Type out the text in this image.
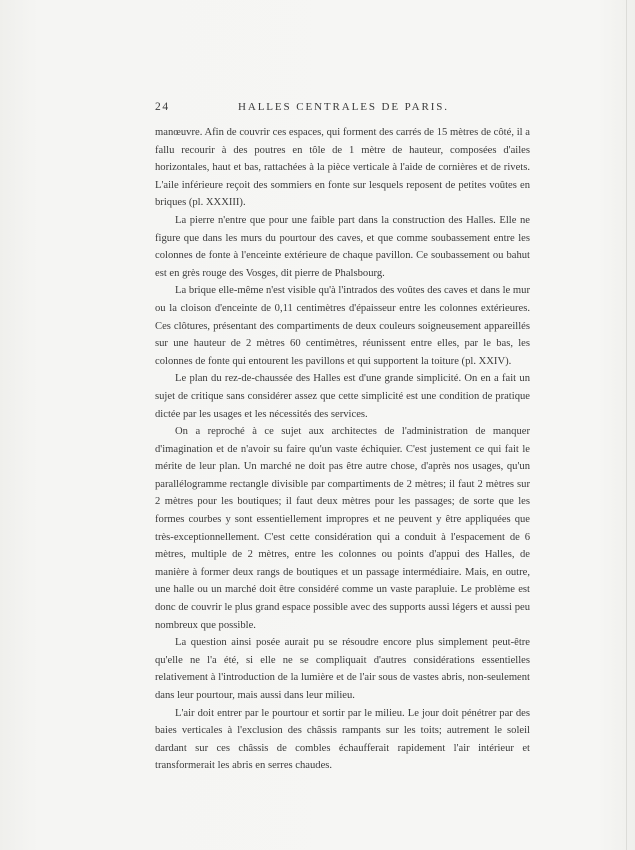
24	HALLES CENTRALES DE PARIS.

manœuvre. Afin de couvrir ces espaces, qui forment des carrés de 15 mètres de côté, il a fallu recourir à des poutres en tôle de 1 mètre de hauteur, composées d'ailes horizontales, haut et bas, rattachées à la pièce verticale à l'aide de cornières et de rivets. L'aile inférieure reçoit des sommiers en fonte sur lesquels reposent de petites voûtes en briques (pl. XXXIII).

La pierre n'entre que pour une faible part dans la construction des Halles. Elle ne figure que dans les murs du pourtour des caves, et que comme soubassement entre les colonnes de fonte à l'enceinte extérieure de chaque pavillon. Ce soubassement ou bahut est en grès rouge des Vosges, dit pierre de Phalsbourg.

La brique elle-même n'est visible qu'à l'intrados des voûtes des caves et dans le mur ou la cloison d'enceinte de 0,11 centimètres d'épaisseur entre les colonnes extérieures. Ces clôtures, présentant des compartiments de deux couleurs soigneusement appareillés sur une hauteur de 2 mètres 60 centimètres, réunissent entre elles, par le bas, les colonnes de fonte qui entourent les pavillons et qui supportent la toiture (pl. XXIV).

Le plan du rez-de-chaussée des Halles est d'une grande simplicité. On en a fait un sujet de critique sans considérer assez que cette simplicité est une condition de pratique dictée par les usages et les nécessités des services.

On a reproché à ce sujet aux architectes de l'administration de manquer d'imagination et de n'avoir su faire qu'un vaste échiquier. C'est justement ce qui fait le mérite de leur plan. Un marché ne doit pas être autre chose, d'après nos usages, qu'un parallélogramme rectangle divisible par compartiments de 2 mètres; il faut 2 mètres sur 2 mètres pour les boutiques; il faut deux mètres pour les passages; de sorte que les formes courbes y sont essentiellement impropres et ne peuvent y être appliquées que très-exceptionnellement. C'est cette considération qui a conduit à l'espacement de 6 mètres, multiple de 2 mètres, entre les colonnes ou points d'appui des Halles, de manière à former deux rangs de boutiques et un passage intermédiaire. Mais, en outre, une halle ou un marché doit être considéré comme un vaste parapluie. Le problème est donc de couvrir le plus grand espace possible avec des supports aussi légers et aussi peu nombreux que possible.

La question ainsi posée aurait pu se résoudre encore plus simplement peut-être qu'elle ne l'a été, si elle ne se compliquait d'autres considérations essentielles relativement à l'introduction de la lumière et de l'air sous de vastes abris, non-seulement dans leur pourtour, mais aussi dans leur milieu.

L'air doit entrer par le pourtour et sortir par le milieu. Le jour doit pénétrer par des baies verticales à l'exclusion des châssis rampants sur les toits; autrement le soleil dardant sur ces châssis de combles échaufferait rapidement l'air intérieur et transformerait les abris en serres chaudes.
